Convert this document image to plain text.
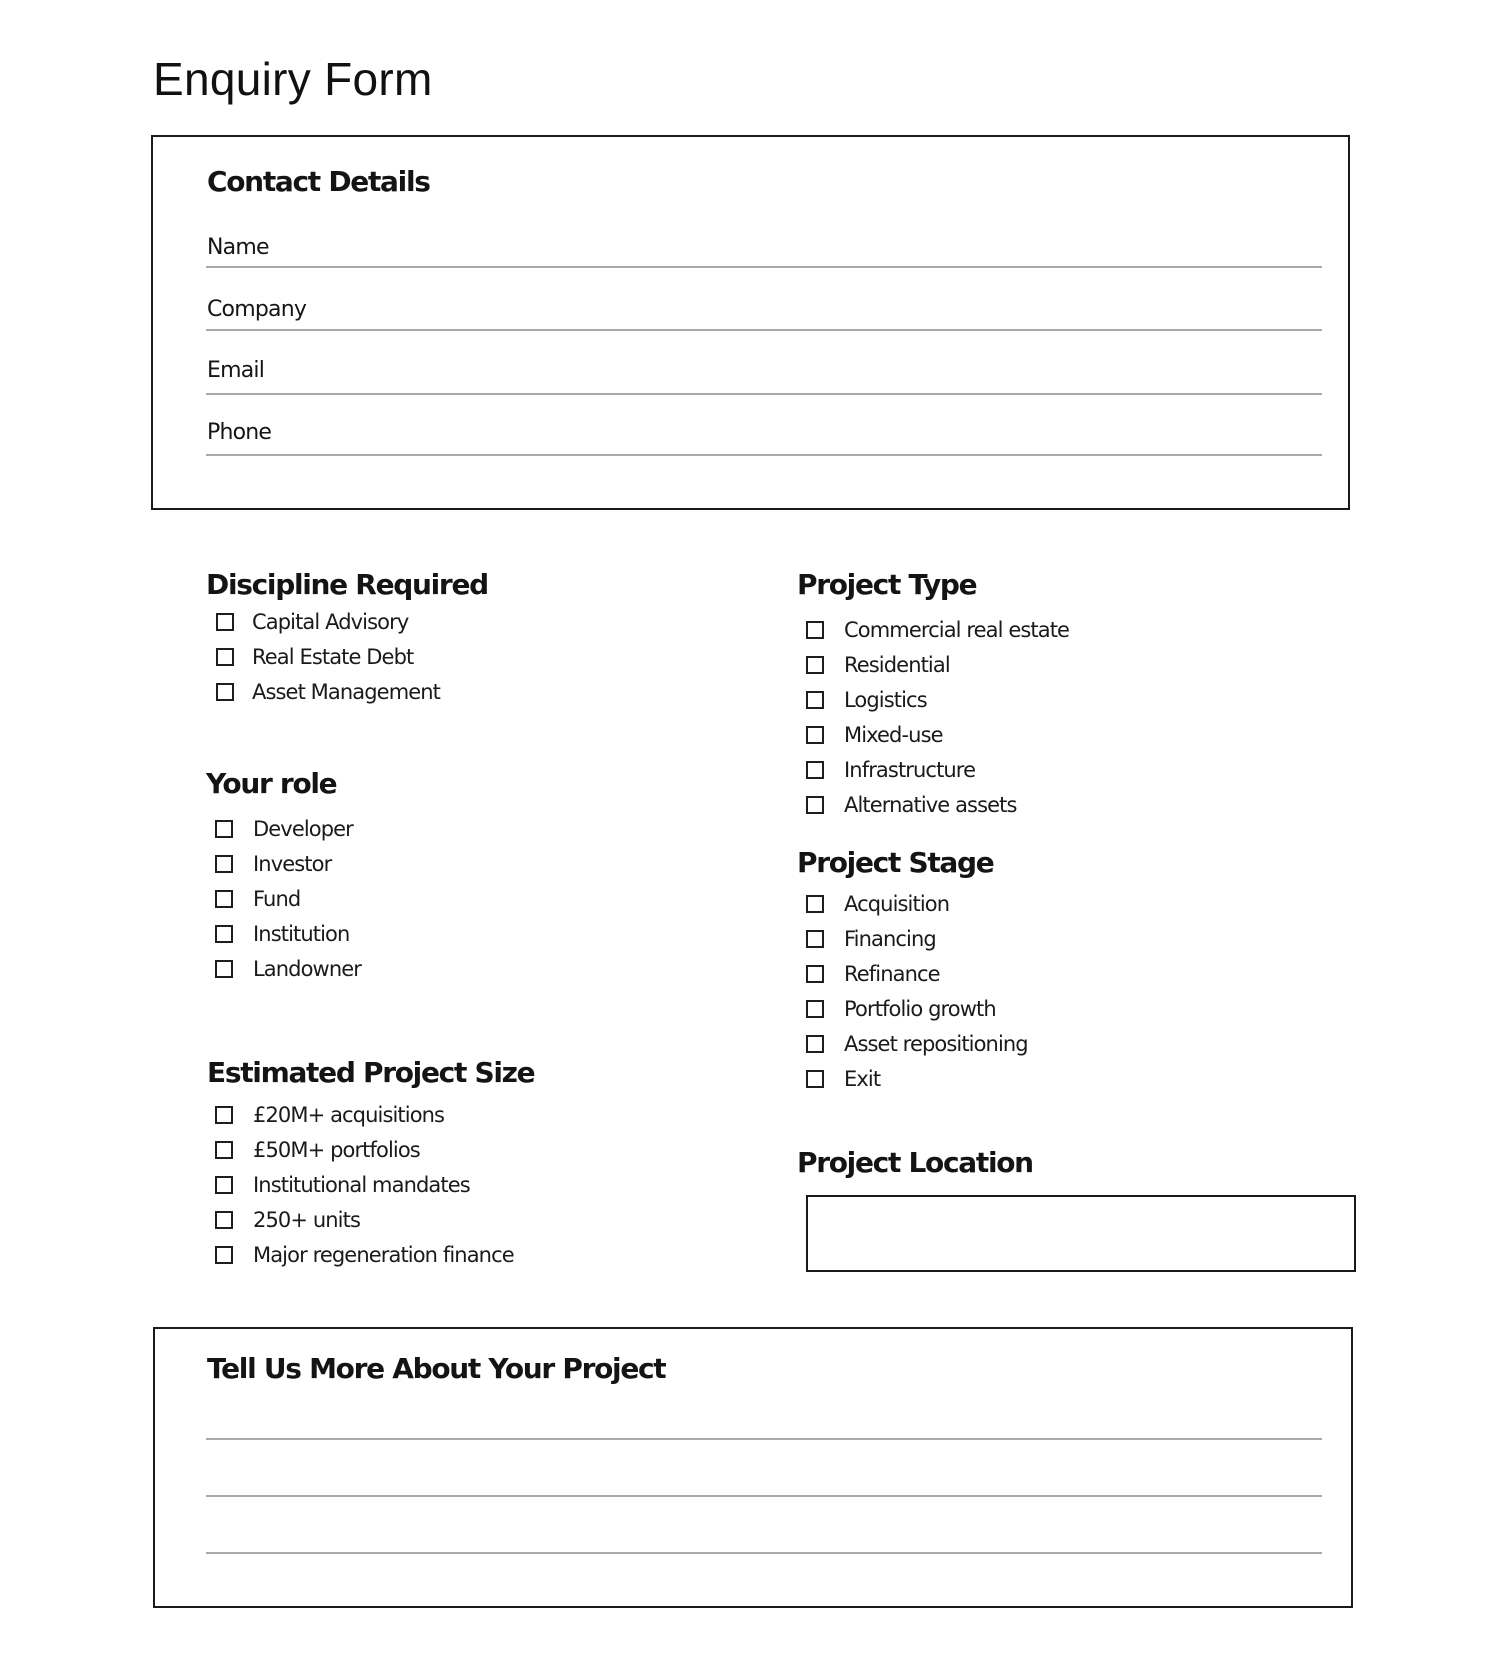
Enquiry Form
Contact Details
Name
Company
Email
Phone
Discipline Required
Capital Advisory
Real Estate Debt
Asset Management
Your role
Developer
Investor
Fund
Institution
Landowner
Estimated Project Size
£20M+ acquisitions
£50M+ portfolios
Institutional mandates
250+ units
Major regeneration finance
Project Type
Commercial real estate
Residential
Logistics
Mixed-use
Infrastructure
Alternative assets
Project Stage
Acquisition
Financing
Refinance
Portfolio growth
Asset repositioning
Exit
Project Location
Tell Us More About Your Project
